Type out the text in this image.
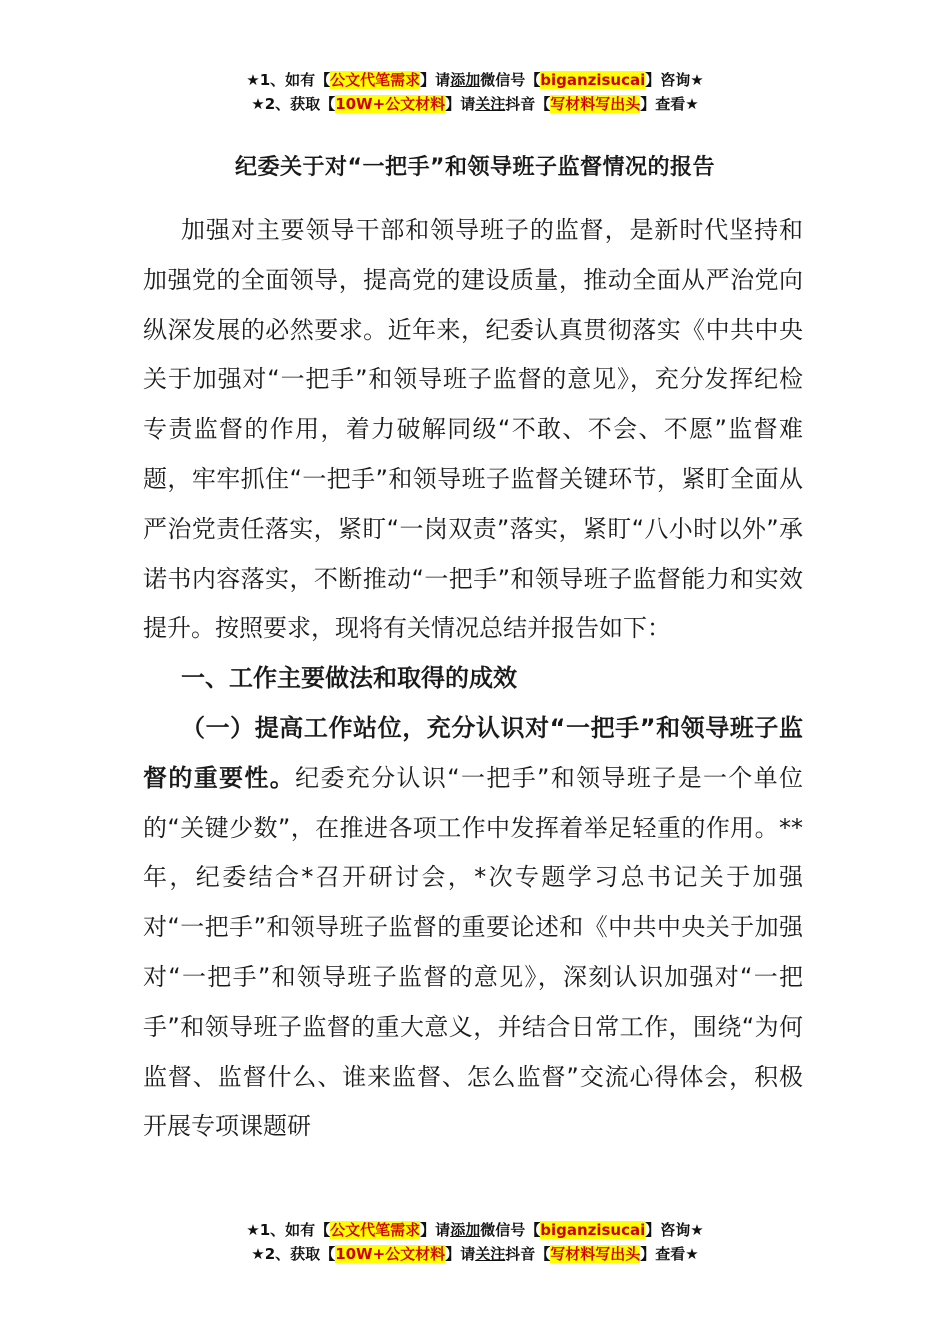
★1、如有【公文代笔需求】请添加微信号【biganzisucai】咨询★
★2、获取【10W+公文材料】请关注抖音【写材料写出头】查看★
纪委关于对“一把手”和领导班子监督情况的报告

加强对主要领导干部和领导班子的监督，是新时代坚持和加强党的全面领导，提高党的建设质量，推动全面从严治党向纵深发展的必然要求。近年来，纪委认真贯彻落实《中共中央关于加强对“一把手”和领导班子监督的意见》，充分发挥纪检专责监督的作用，着力破解同级“不敢、不会、不愿”监督难题，牢牢抓住“一把手”和领导班子监督关键环节，紧盯全面从严治党责任落实，紧盯“一岗双责”落实，紧盯“八小时以外”承诺书内容落实，不断推动“一把手”和领导班子监督能力和实效提升。按照要求，现将有关情况总结并报告如下：

一、工作主要做法和取得的成效

（一）提高工作站位，充分认识对“一把手”和领导班子监督的重要性。纪委充分认识“一把手”和领导班子是一个单位的“关键少数”，在推进各项工作中发挥着举足轻重的作用。**年，纪委结合*召开研讨会，*次专题学习总书记关于加强对“一把手”和领导班子监督的重要论述和《中共中央关于加强对“一把手”和领导班子监督的意见》，深刻认识加强对“一把手”和领导班子监督的重大意义，并结合日常工作，围绕“为何监督、监督什么、谁来监督、怎么监督”交流心得体会，积极开展专项课题研

★1、如有【公文代笔需求】请添加微信号【biganzisucai】咨询★
★2、获取【10W+公文材料】请关注抖音【写材料写出头】查看★
